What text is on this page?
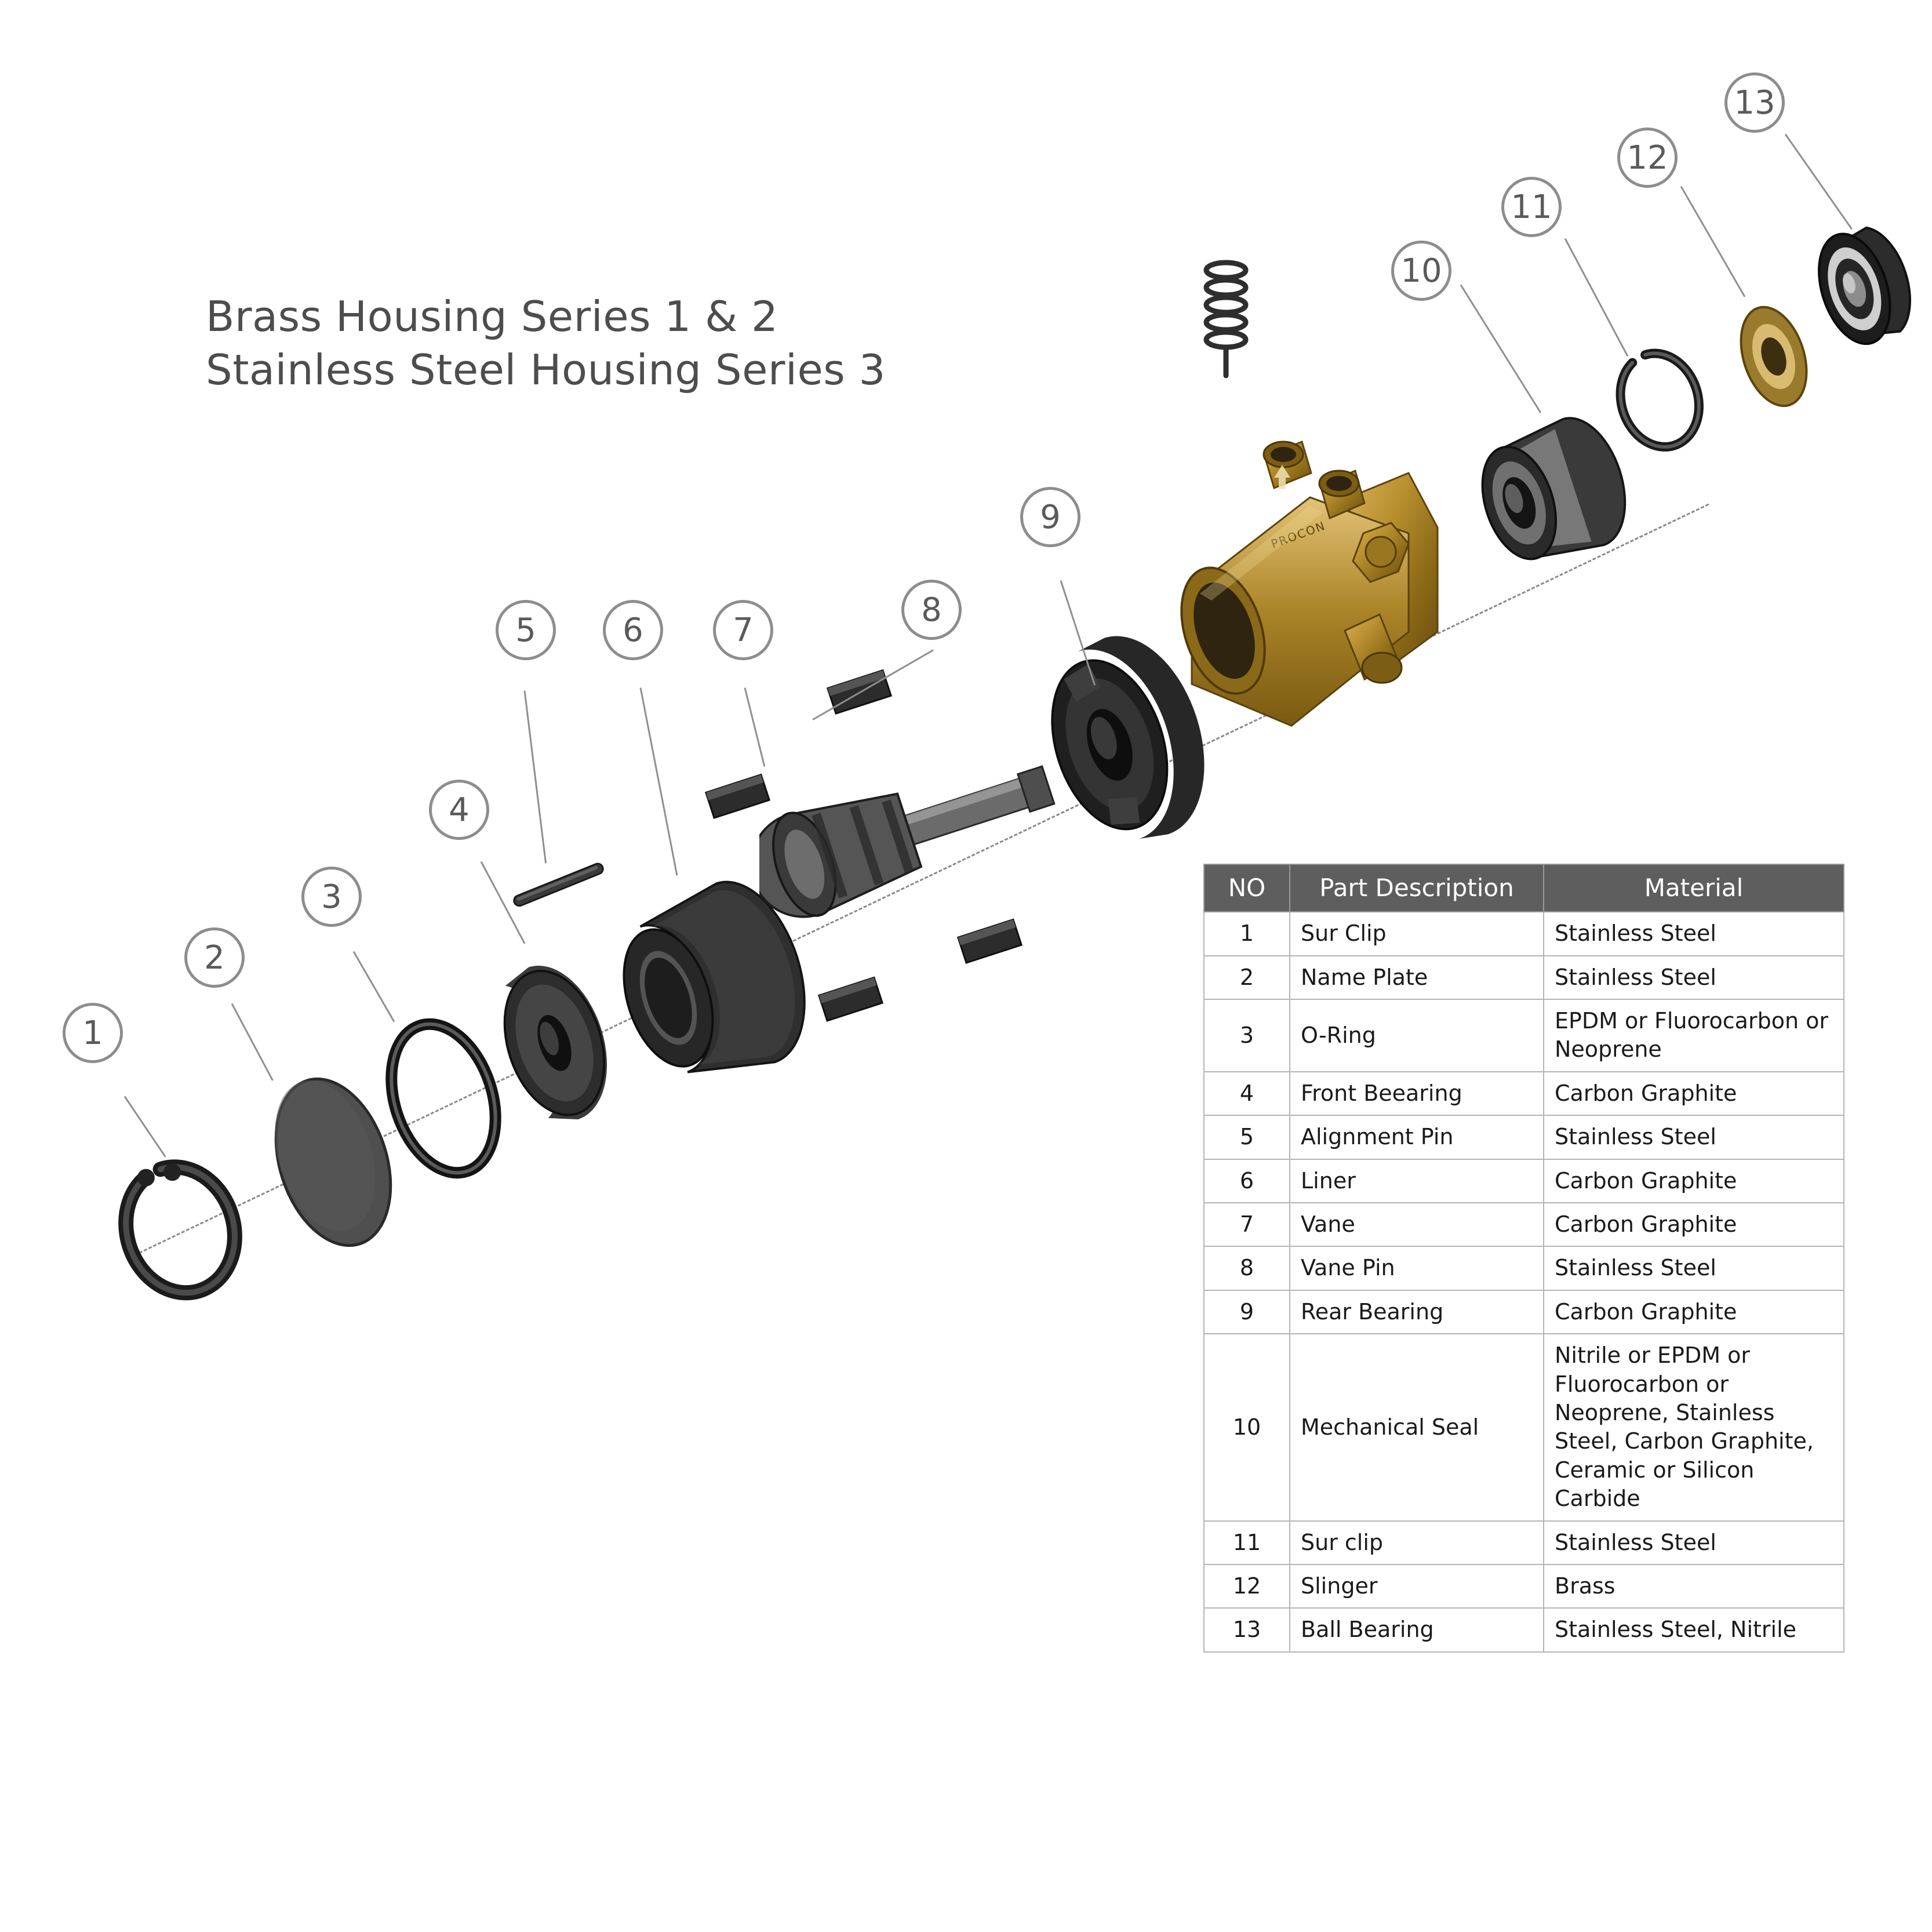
Brass Housing Series 1 & 2
Stainless Steel Housing Series 3
PROCON
1
2
3
4
5	6	7
8
9
10
11
12
13
NO	Part Description	Material
1	Sur Clip	Stainless Steel
2	Name Plate	Stainless Steel
3	O-Ring	EPDM or Fluorocarbon or Neoprene
4	Front Beearing	Carbon Graphite
5	Alignment Pin	Stainless Steel
6	Liner	Carbon Graphite
7	Vane	Carbon Graphite
8	Vane Pin	Stainless Steel
9	Rear Bearing	Carbon Graphite
10	Mechanical Seal	Nitrile or EPDM or Fluorocarbon or Neoprene, Stainless Steel, Carbon Graphite, Ceramic or Silicon Carbide
11	Sur clip	Stainless Steel
12	Slinger	Brass
13	Ball Bearing	Stainless Steel, Nitrile
